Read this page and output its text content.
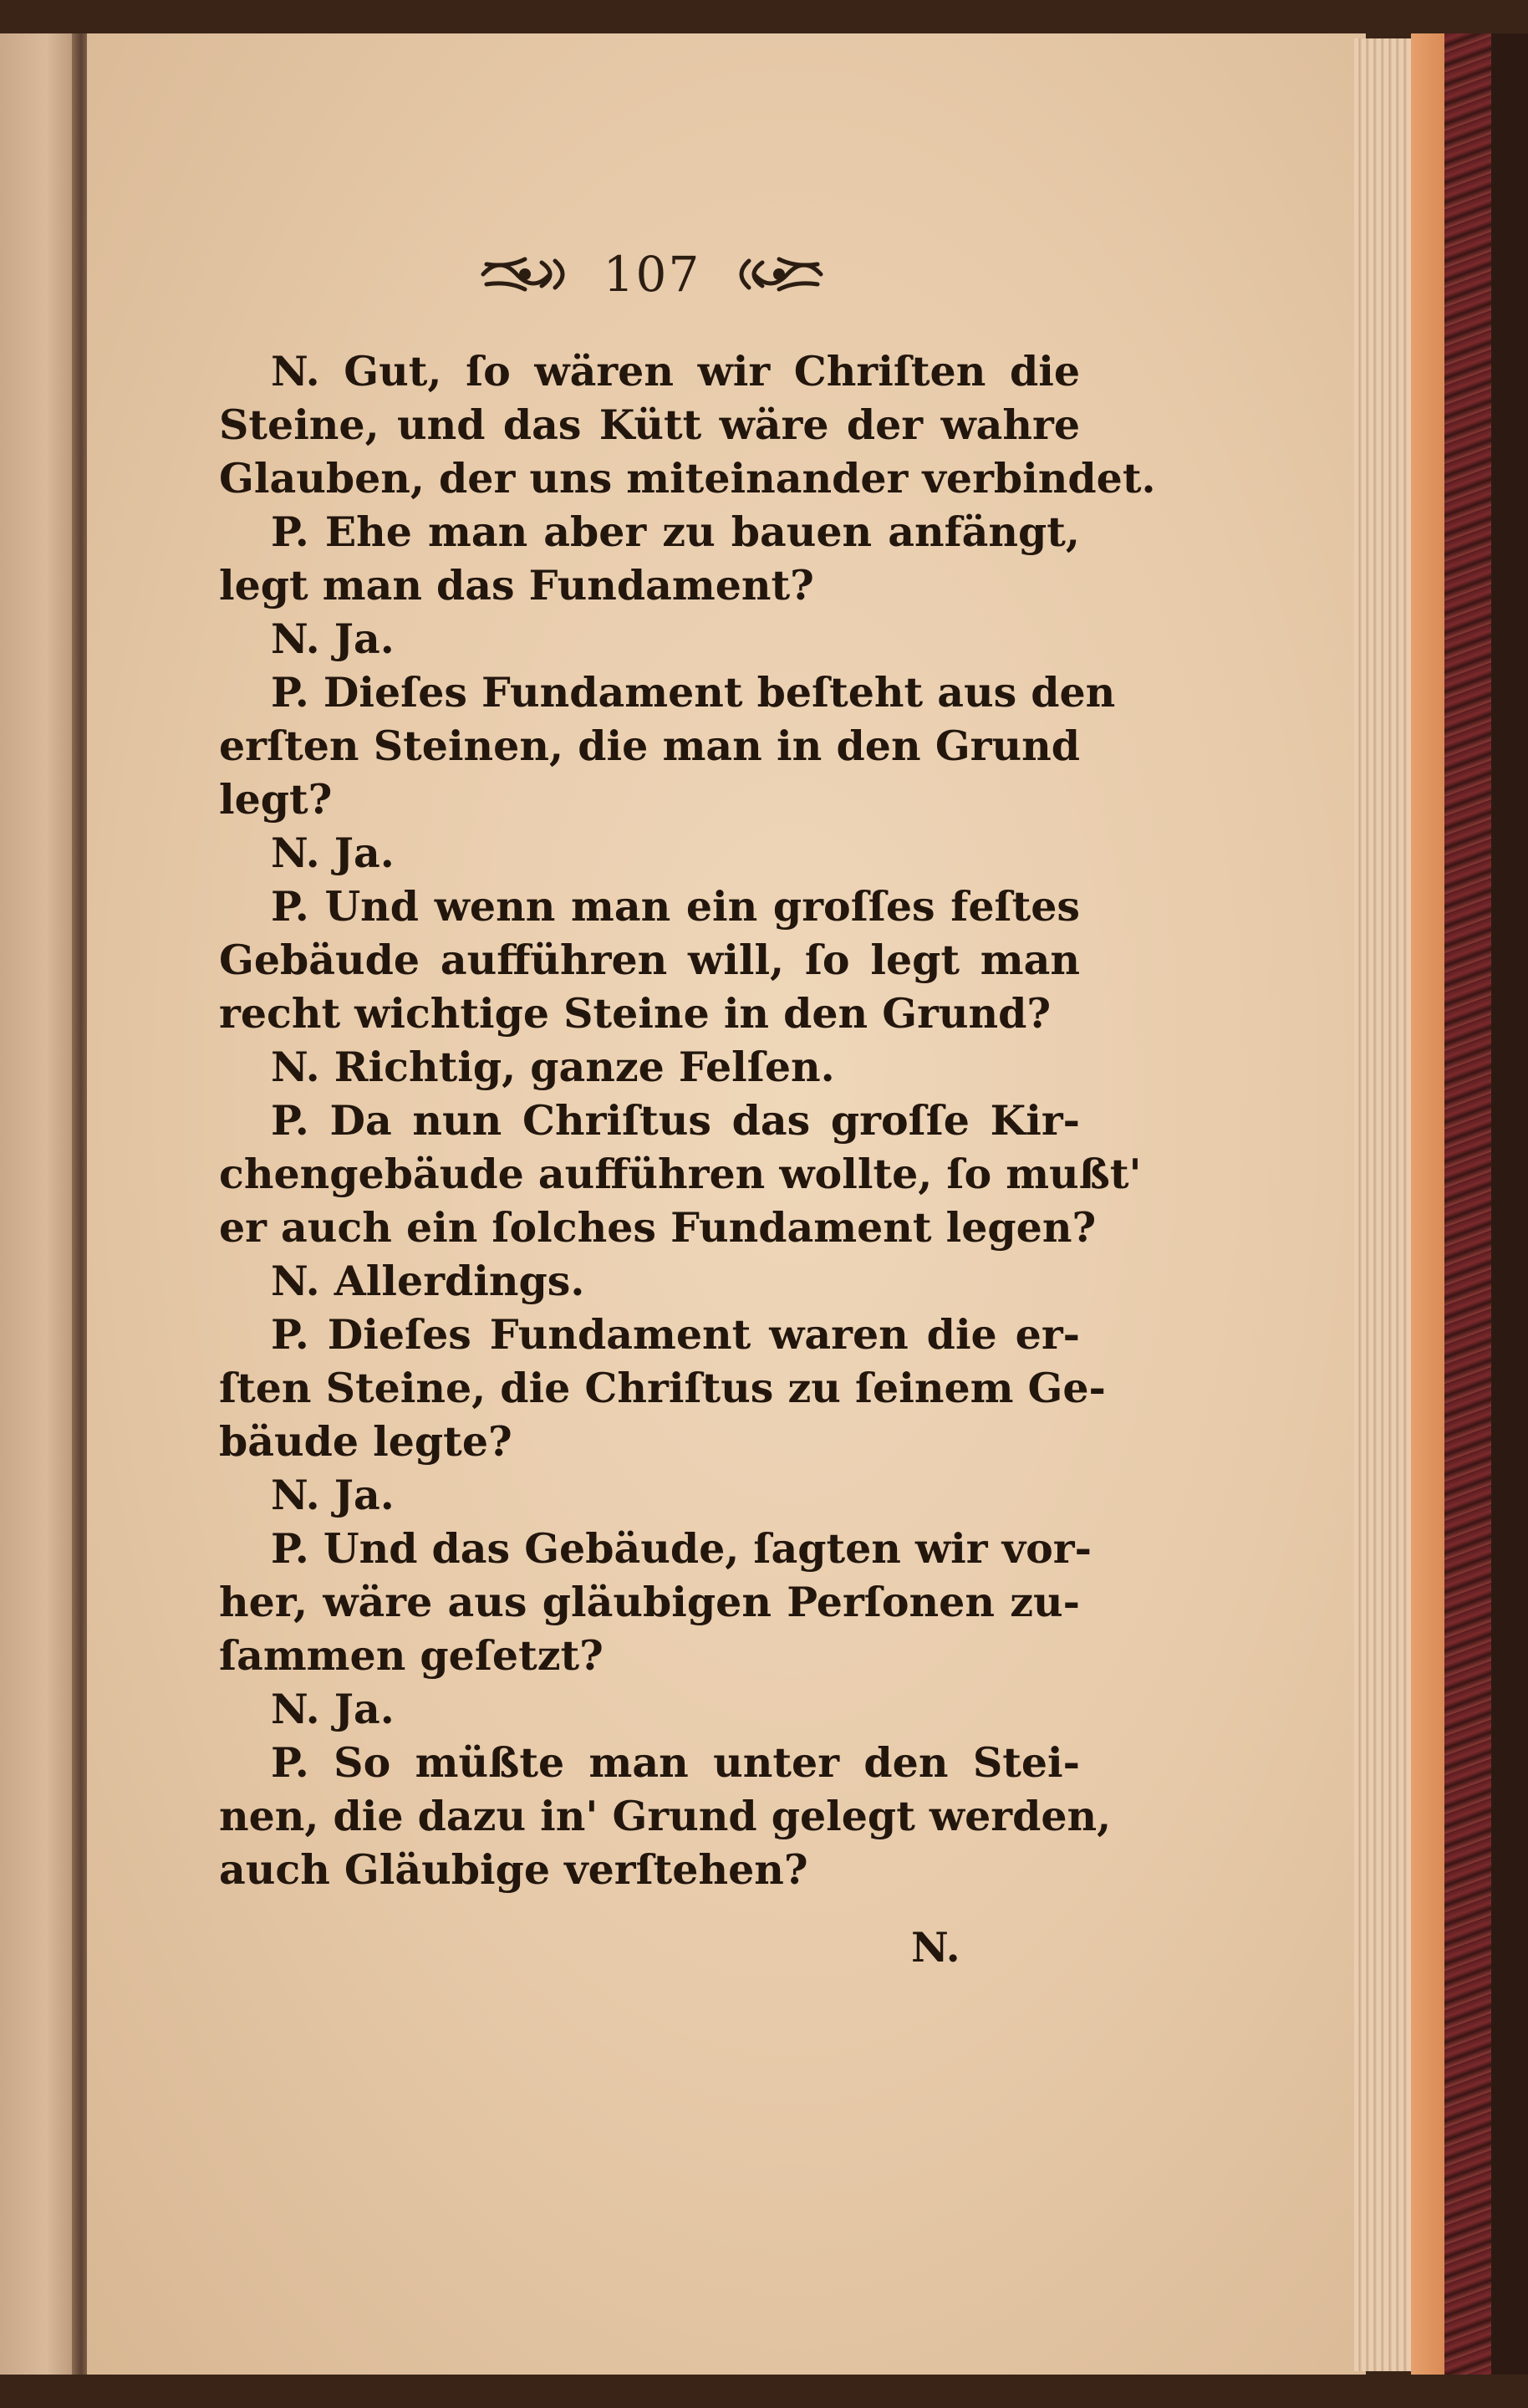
107
N. Gut, ſo wären wir Chriſten die
Steine, und das Kütt wäre der wahre
Glauben, der uns miteinander verbindet.
P. Ehe man aber zu bauen anfängt,
legt man das Fundament?
N. Ja.
P. Dieſes Fundament beſteht aus den
erſten Steinen, die man in den Grund
legt?
N. Ja.
P. Und wenn man ein groſſes feſtes
Gebäude aufführen will, ſo legt man
recht wichtige Steine in den Grund?
N. Richtig, ganze Felſen.
P. Da nun Chriſtus das groſſe Kir-
chengebäude aufführen wollte, ſo mußt'
er auch ein ſolches Fundament legen?
N. Allerdings.
P. Dieſes Fundament waren die er-
ſten Steine, die Chriſtus zu ſeinem Ge-
bäude legte?
N. Ja.
P. Und das Gebäude, ſagten wir vor-
her, wäre aus gläubigen Perſonen zu-
ſammen geſetzt?
N. Ja.
P. So müßte man unter den Stei-
nen, die dazu in' Grund gelegt werden,
auch Gläubige verſtehen?
N.
